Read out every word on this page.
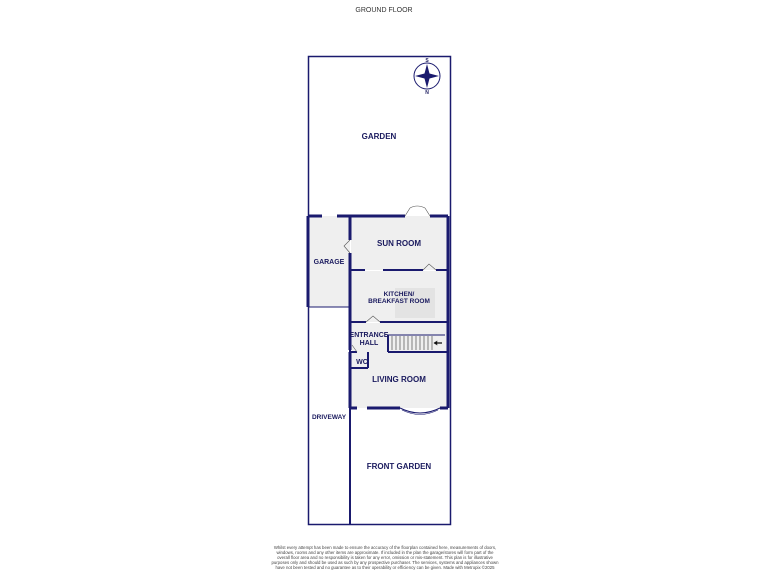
GROUND FLOOR
S
N
GARDEN
SUN ROOM
GARAGE
KITCHEN/
BREAKFAST ROOM
ENTRANCE
HALL
WC
LIVING ROOM
DRIVEWAY
FRONT GARDEN
Whilst every attempt has been made to ensure the accuracy of the floorplan contained here, measurements of doors, windows, rooms and any other items are approximate. If included in the plan the garage/stores will form part of the overall floor area and no responsibility is taken for any error, omission or mis-statement. This plan is for illustrative purposes only and should be used as such by any prospective purchaser. The services, systems and appliances shown have not been tested and no guarantee as to their operability or efficiency can be given. Made with Metropix ©2025
